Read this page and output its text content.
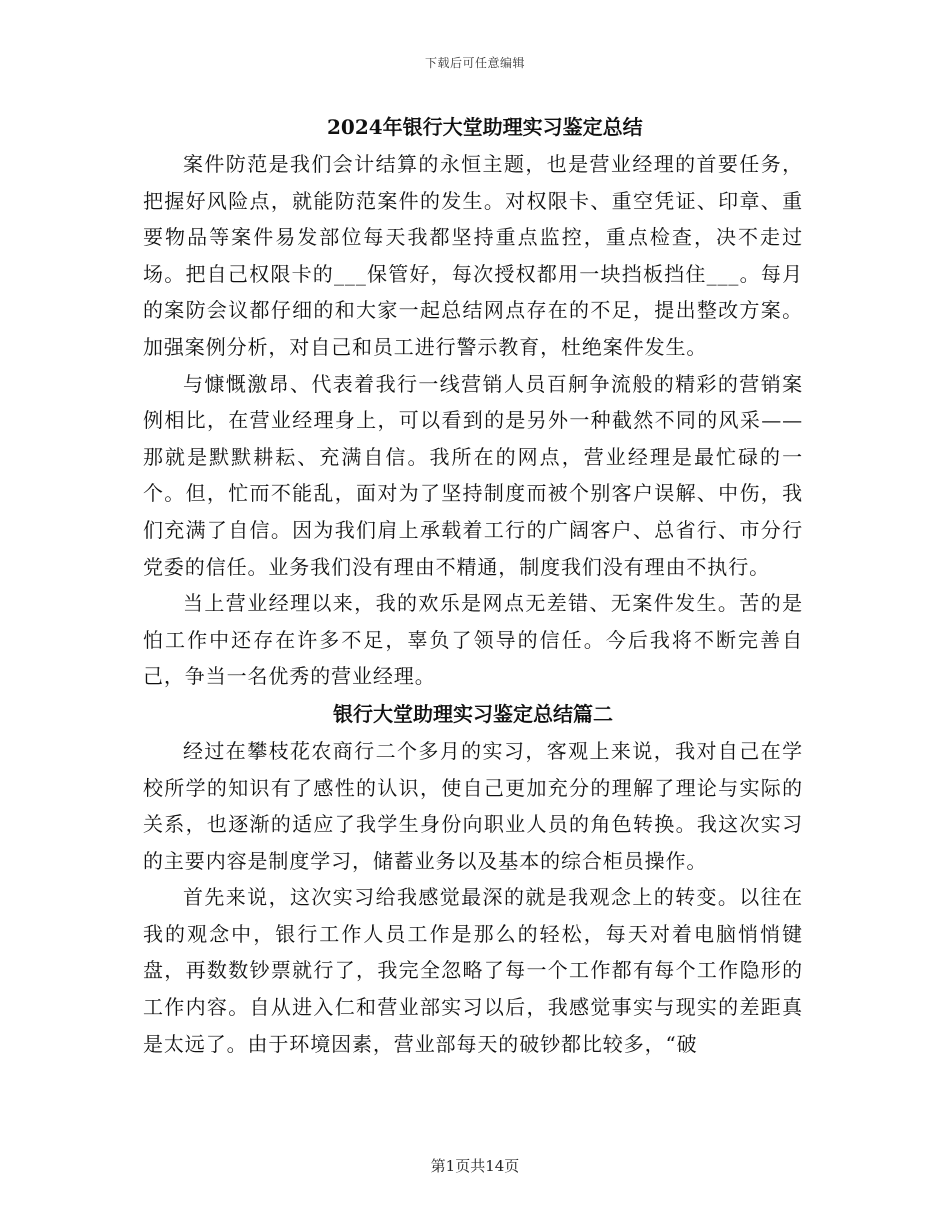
下载后可任意编辑
2024年银行大堂助理实习鉴定总结

案件防范是我们会计结算的永恒主题，也是营业经理的首要任务，把握好风险点，就能防范案件的发生。对权限卡、重空凭证、印章、重要物品等案件易发部位每天我都坚持重点监控，重点检查，决不走过场。把自己权限卡的___保管好，每次授权都用一块挡板挡住___。每月的案防会议都仔细的和大家一起总结网点存在的不足，提出整改方案。加强案例分析，对自己和员工进行警示教育，杜绝案件发生。

与慷慨激昂、代表着我行一线营销人员百舸争流般的精彩的营销案例相比，在营业经理身上，可以看到的是另外一种截然不同的风采——那就是默默耕耘、充满自信。我所在的网点，营业经理是最忙碌的一个。但，忙而不能乱，面对为了坚持制度而被个别客户误解、中伤，我们充满了自信。因为我们肩上承载着工行的广阔客户、总省行、市分行党委的信任。业务我们没有理由不精通，制度我们没有理由不执行。

当上营业经理以来，我的欢乐是网点无差错、无案件发生。苦的是怕工作中还存在许多不足，辜负了领导的信任。今后我将不断完善自己，争当一名优秀的营业经理。

银行大堂助理实习鉴定总结篇二

经过在攀枝花农商行二个多月的实习，客观上来说，我对自己在学校所学的知识有了感性的认识，使自己更加充分的理解了理论与实际的关系，也逐渐的适应了我学生身份向职业人员的角色转换。我这次实习的主要内容是制度学习，储蓄业务以及基本的综合柜员操作。

首先来说，这次实习给我感觉最深的就是我观念上的转变。以往在我的观念中，银行工作人员工作是那么的轻松，每天对着电脑悄悄键盘，再数数钞票就行了，我完全忽略了每一个工作都有每个工作隐形的工作内容。自从进入仁和营业部实习以后，我感觉事实与现实的差距真是太远了。由于环境因素，营业部每天的破钞都比较多，“破

第1页共14页
